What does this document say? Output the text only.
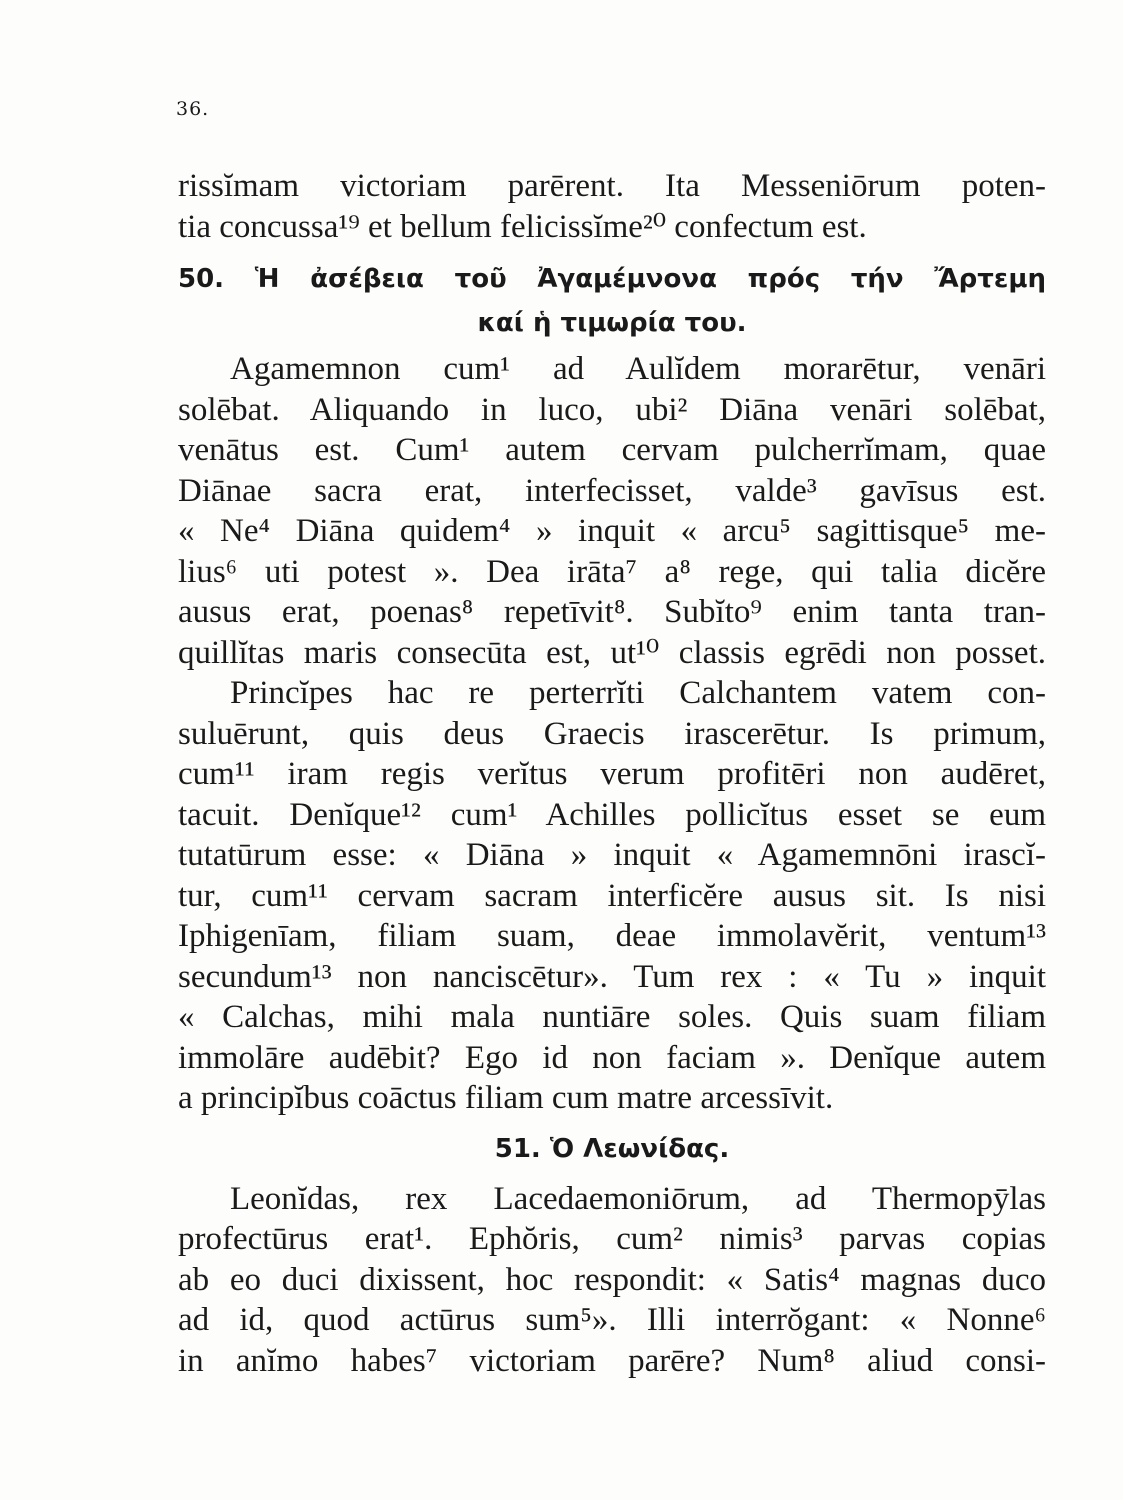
36.
rissĭmam victoriam parērent. Ita Messeniōrum poten-
tia concussa¹⁹ et bellum felicissĭme²⁰ confectum est.
50. Ἡ ἀσέβεια τοῦ Ἀγαμέμνονα πρός τήν Ἄρτεμη
καί ἡ τιμωρία του.
Agamemnon cum¹ ad Aulĭdem morarētur, venāri
solēbat. Aliquando in luco, ubi² Diāna venāri solēbat,
venātus est. Cum¹ autem cervam pulcherrĭmam, quae
Diānae sacra erat, interfecisset, valde³ gavīsus est.
« Ne⁴ Diāna quidem⁴ » inquit « arcu⁵ sagittisque⁵ me-
lius⁶ uti potest ». Dea irāta⁷ a⁸ rege, qui talia dicĕre
ausus erat, poenas⁸ repetīvit⁸. Subĭto⁹ enim tanta tran-
quillĭtas maris consecūta est, ut¹⁰ classis egrēdi non posset.
Princĭpes hac re perterrĭti Calchantem vatem con-
suluērunt, quis deus Graecis irascerētur. Is primum,
cum¹¹ iram regis verĭtus verum profitēri non audēret,
tacuit. Denĭque¹² cum¹ Achilles pollicĭtus esset se eum
tutatūrum esse: « Diāna » inquit « Agamemnōni irascĭ-
tur, cum¹¹ cervam sacram interficĕre ausus sit. Is nisi
Iphigenīam, filiam suam, deae immolavĕrit, ventum¹³
secundum¹³ non nanciscētur». Tum rex : « Tu » inquit
« Calchas, mihi mala nuntiāre soles. Quis suam filiam
immolāre audēbit? Ego id non faciam ». Denĭque autem
a principĭbus coāctus filiam cum matre arcessīvit.
51. Ὁ Λεωνίδας.
Leonĭdas, rex Lacedaemoniōrum, ad Thermopȳlas
profectūrus erat¹. Ephŏris, cum² nimis³ parvas copias
ab eo duci dixissent, hoc respondit: « Satis⁴ magnas duco
ad id, quod actūrus sum⁵». Illi interrŏgant: « Nonne⁶
in anĭmo habes⁷ victoriam parēre? Num⁸ aliud consi-
